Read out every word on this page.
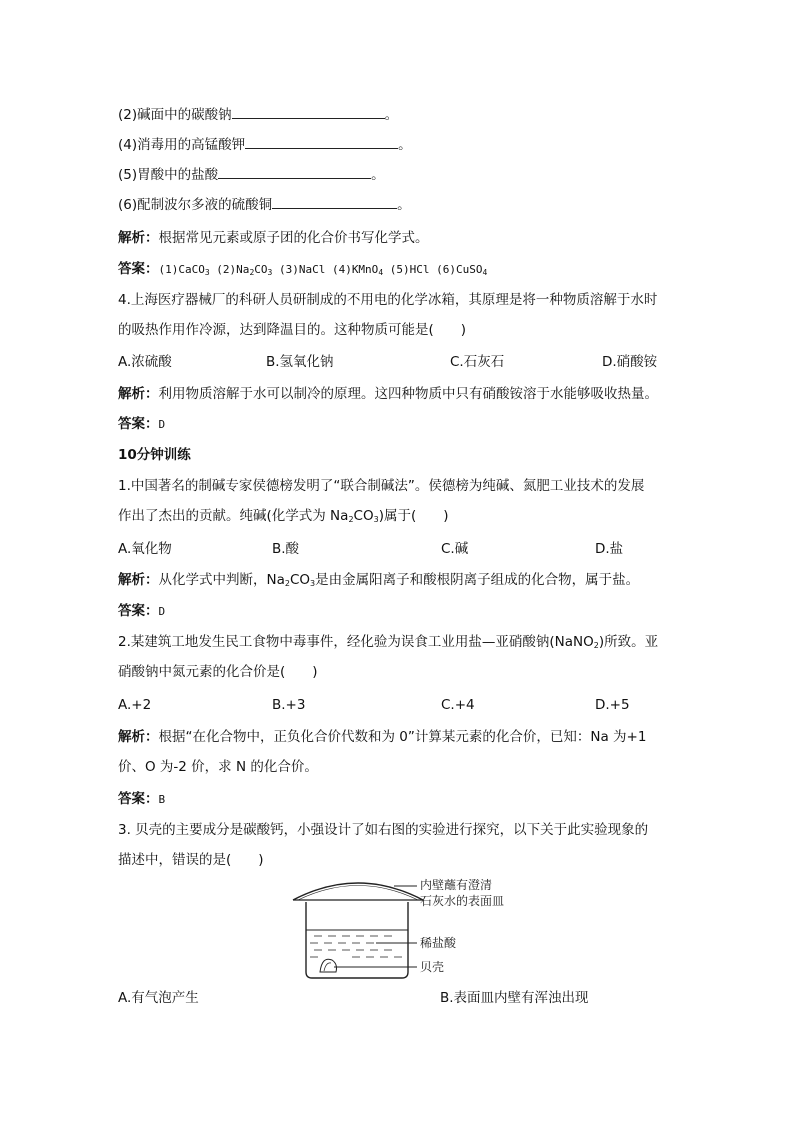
(2)碱面中的碳酸钠	。
(4)消毒用的高锰酸钾	。
(5)胃酸中的盐酸	。
(6)配制波尔多液的硫酸铜	。
解析：根据常见元素或原子团的化合价书写化学式。
答案：(1)CaCO$_3$ $(2)Na_2CO_3$ (3)NaCl (4)KMnO$_4$ (5)HCl (6)CuSO$_4$
4.上海医疗器械厂的科研人员研制成的不用电的化学冰箱，其原理是将一种物质溶解于水时
的吸热作用作冷源，达到降温目的。这种物质可能是(　　)
A.浓硫酸	B.氢氧化钠	C.石灰石	D.硝酸铵
解析：利用物质溶解于水可以制冷的原理。这四种物质中只有硝酸铵溶于水能够吸收热量。
答案：D
10分钟训练
1.中国著名的制碱专家侯德榜发明了“联合制碱法”。侯德榜为纯碱、氮肥工业技术的发展
作出了杰出的贡献。纯碱(化学式为 $Na_2CO_3$)属于(　　)
A.氧化物	B.酸	C.碱	D.盐
解析：从化学式中判断，$Na_2CO_3$是由金属阳离子和酸根阴离子组成的化合物，属于盐。
答案：D
2.某建筑工地发生民工食物中毒事件，经化验为误食工业用盐—亚硝酸钠(NaNO$_2$)所致。亚
硝酸钠中氮元素的化合价是(　　)
A.+2	B.+3	C.+4	D.+5
解析：根据“在化合物中，正负化合价代数和为 0”计算某元素的化合价，已知：Na 为+1
价、O 为-2 价，求 N 的化合价。
答案：B
3. 贝壳的主要成分是碳酸钙，小强设计了如右图的实验进行探究，以下关于此实验现象的
描述中，错误的是(　　)
内壁蘸有澄清
石灰水的表面皿
稀盐酸
贝壳
A.有气泡产生	B.表面皿内壁有浑浊出现
